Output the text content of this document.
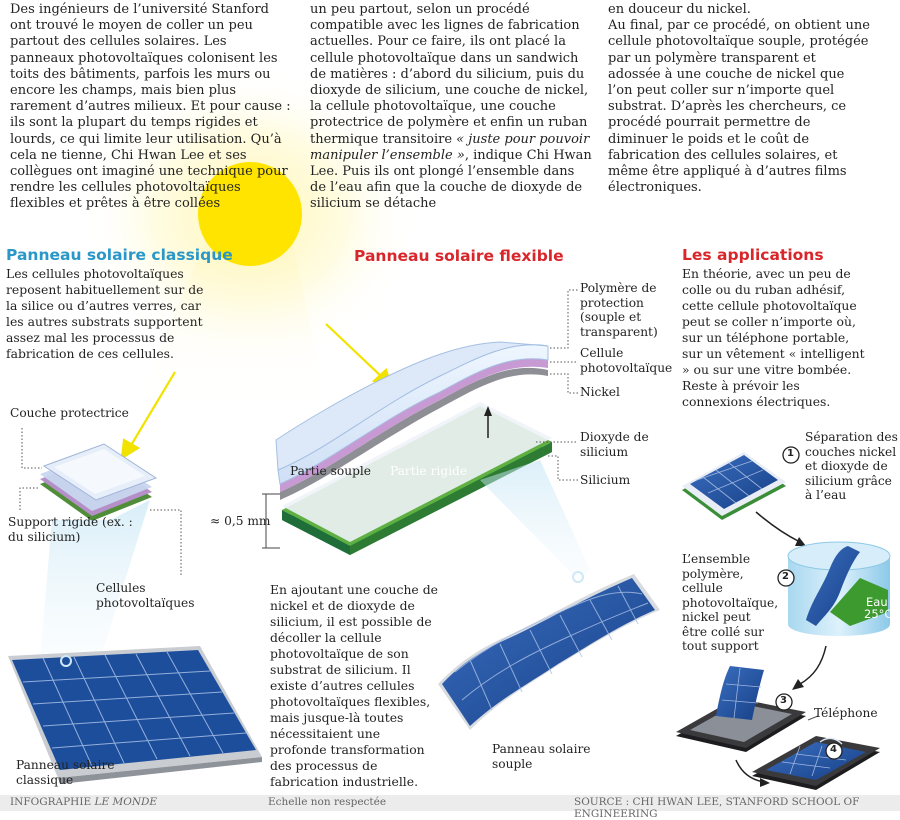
Des ingénieurs de l’université Stanford ont trouvé le moyen de coller un peu partout des cellules solaires. Les panneaux photovoltaïques colonisent les toits des bâtiments, parfois les murs ou encore les champs, mais bien plus rarement d’autres milieux. Et pour cause : ils sont la plupart du temps rigides et lourds, ce qui limite leur utilisation. Qu’à cela ne tienne, Chi Hwan Lee et ses collègues ont imaginé une technique pour rendre les cellules photovoltaïques flexibles et prêtes à être collées
un peu partout, selon un procédé compatible avec les lignes de fabrication actuelles. Pour ce faire, ils ont placé la cellule photovoltaïque dans un sandwich de matières : d’abord du silicium, puis du dioxyde de silicium, une couche de nickel, la cellule photovoltaïque, une couche protectrice de polymère et enfin un ruban thermique transitoire « juste pour pouvoir manipuler l’ensemble », indique Chi Hwan Lee. Puis ils ont plongé l’ensemble dans de l’eau afin que la couche de dioxyde de silicium se détache
en douceur du nickel.
Au final, par ce procédé, on obtient une cellule photovoltaïque souple, protégée par un polymère transparent et adossée à une couche de nickel que l’on peut coller sur n’importe quel substrat. D’après les chercheurs, ce procédé pourrait permettre de diminuer le poids et le coût de fabrication des cellules solaires, et même être appliqué à d’autres films électroniques.
Panneau solaire classique
Les cellules photovoltaïques reposent habituellement sur de la silice ou d’autres verres, car les autres substrats supportent assez mal les processus de fabrication de ces cellules.
Couche protectrice
Support rigide (ex. : du silicium)
Cellules photovoltaïques
Panneau solaire classique
Panneau solaire flexible
Polymère de protection (souple et transparent)
Cellule photovoltaïque
Nickel
Dioxyde de silicium
Silicium
Partie souple Partie rigide
≈ 0,5 mm
En ajoutant une couche de nickel et de dioxyde de silicium, il est possible de décoller la cellule photovoltaïque de son substrat de silicium. Il existe d’autres cellules photovoltaïques flexibles, mais jusque-là toutes nécessitaient une profonde transformation des processus de fabrication industrielle.
Panneau solaire souple
Les applications
En théorie, avec un peu de colle ou du ruban adhésif, cette cellule photovoltaïque peut se coller n’importe où, sur un téléphone portable, sur un vêtement « intelligent » ou sur une vitre bombée. Reste à prévoir les connexions électriques.
Séparation des couches nickel et dioxyde de silicium grâce à l’eau
L’ensemble polymère, cellule photovoltaïque, nickel peut être collé sur tout support
Eau
25°C
Téléphone
1
2
3
4
INFOGRAPHIE LE MONDE	Echelle non respectée	SOURCE : CHI HWAN LEE, STANFORD SCHOOL OF ENGINEERING
